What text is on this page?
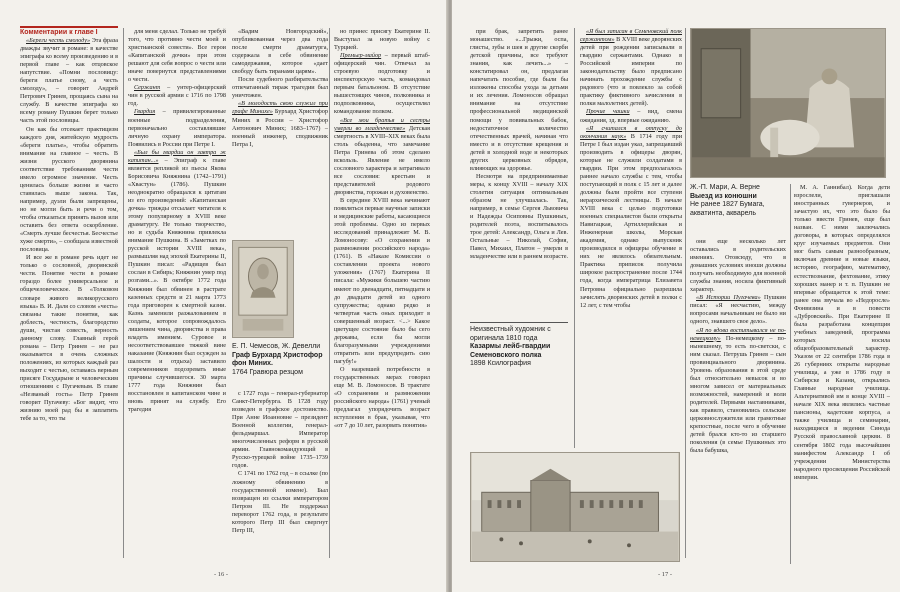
Комментарии к главе I

«Береги честь смолоду» Эта фраза дважды звучит в романе: в качестве эпиграфа ко всему произведению и в первой главе – как отцовское напутствие. «Помни пословицу: береги платье снову, а честь смолоду», – говорит Андрей Петрович Гринев, прощаясь сына на службу. В качестве эпиграфа ко всему роману Пушкин берет только часть этой пословицы.

Он как бы отсекает практицизм каждого дня, житейскую мудрость «береги платье», чтобы обратить внимание на главное – честь. В жизни русского дворянина соответствие требованиям чести имело огромное значение. Честь ценилась больше жизни и часто ставилась выше закона. Так, например, дуэли были запрещены, но не могли быть и речи о том, чтобы отказаться принять вызов или оставить без ответа оскорбление. «Смерть лучше бесчестья. Бесчестье хуже смерти», – сообщала известной пословица.

И все же в романе речь идет не только о сословной, дворянской чести. Понятие чести в романе гораздо более универсальное и общечеловеческое. В «Толковом словаре живого великорусского языка» В. И. Даля со словом «честь» связаны такие понятия, как доблесть, честность, благородство души, чистая совесть, верность данному слову. Главный герой романа – Петр Гринев – не раз оказывается в очень сложных положениях, из которых каждый раз выходит с честью, оставаясь верным присяге Государыне и человеческим отношениям с Пугачевым. В главе «Незваный гость» Петр Гринев говорит Пугачеву: «Бог видит, что жизнию моей рад бы я заплатить тебе за то, что ты

для меня сделал. Только не требуй того, что противно чести моей и христианской совести». Все герои «Капитанской дочки» при этом решают для себя вопрос о чести или иначе повернутся представлениями о чести.

Сержант – унтер-офицерский чин в русской армии с 1716 по 1798 год.

Гвардия – привилегированные военные подразделения, первоначально составлявшие личную охрану императора. Появились в России при Петре I.

«Был бы гвардии он завтра ж капитан...» – Эпиграф к главе является репликой из пьесы Якова Борисовича Княжнина (1742–1791) «Хвастун» (1786). Пушкин неоднократно обращался к цитатам из его произведений: «Капитанская дочка» трижды отсылает читателя к этому популярному в XVIII веке драматургу. Не только творчество, но и судьба Княжнина привлекла внимание Пушкина. В «Заметках по русской истории XVIII века», размышляя над эпохой Екатерины II, Пушкин писал: «Радищев был сослан в Сибирь; Княжнин умер под розгами...». В октябре 1772 года Княжнин был обвинен в растрате казенных средств и 21 марта 1773 года приговорен к смертной казни. Казнь заменили разжалованием в солдаты, которое сопровождалось лишением чина, дворянства и права владеть имением. Суровое и несоответствовавшее тяжкой вине наказание (Княжнин был осужден за шалости и отдыха) заставило современников подозревать иные причины случившегося. 30 марта 1777 года Княжнин был восстановлен в капитанском чине и вновь принят на службу. Его трагедия

«Вадим Новгородский», опубликованная через два года после смерти драматурга, содержала в себе обвинение самодержавия, которое «дает свободу быть тиранами царям».

После судебного разбирательства отпечатанный тираж трагедии был уничтожен.

«В молодость свою служил при графе Минихе» Бурхард Христофор Миних в России – Христофор Антонович Миних; 1683–1767) – военный инженер, сподвижник Петра I,

Е. П. Чемесов, Ж. Девелли
Граф Бурхард Христофор фон Миних.
1764 Гравюра резцом

с 1727 года – генерал-губернатор Санкт-Петербурга. В 1728 году возведен в графское достоинство. При Анне Иоанновне – президент Военной коллегии, генерал-фельдмаршал. Император многочисленных реформ в русской армии. Главнокомандующий в Русско-турецкой войне 1735–1739 годов.

С 1741 по 1762 год – в ссылке (по ложному обвинению в государственной измене). Был возвращен из ссылки императором Петром III. Не поддержал переворот 1762 года, в результате которого Петр III был свергнут Петр III,

но принес присягу Екатерине II. Выступал за новую войну с Турцией.

Премьер-майор – первый штаб-офицерский чин. Отвечал за строевую подготовку и инспекторскую часть, командовал первым батальоном. В отсутствие вышестоящих чинов, полковника и подполковника, осуществлял командование полком.

«Все мои братья и сестры умерли во младенчестве» Детская смертность в XVIII–XIX веках была столь обыденна, что замечание Петра Гринева об этом сделано вскользь. Явление не имело сословного характера и затрагивало все сословия: крестьян и представителей родового дворянства, горожан и духовенство.

В середине XVIII века начинают появляться первые научные записки и медицинские работы, касающиеся этой проблемы. Одно из первых исследований принадлежит М. В. Ломоносову: «О сохранении и размножении российского народа» (1761). В «Наказе Комиссии о составлении проекта нового уложения» (1767) Екатерина II писала: «Мужики большею частию имеют по двенадцати, пятнадцати и до двадцати детей из одного супружества; однако редко и четвертая часть оных приходит в совершенный возраст. <...> Какое цветущее состояние было бы сего державы, если бы могли благоразумными учреждениями отвратить или предупредить сию пагубу!»

О назревшей потребности в государственных мерах говорил еще М. В. Ломоносов. В трактате «О сохранении и размножении российского народа» (1761) ученый предлагал упорядочить возраст вступления в брак, указывая, что «от 7 до 10 лет, разорвать понятия»

- 16 -

при брак, запретить ранее монашество. «...Грыжи, оспа, глисты, зубы и шея и другие скорби детской причины, все требуют знания, как лечить...» – констатировал он, предлагая напечатать пособие, где были бы изложены способы ухода за детьми и их лечения. Ломоносов обращал внимание на отсутствие профессиональной медицинской помощи у повивальных бабок, недостаточное количество отечественных врачей, начиная что вместо и в отсутствие крещения и детей в холодной воде и некоторых других церковных обрядов, влияющих на здоровье.

Несмотря на предпринимаемые меры, к концу XVIII – началу XIX столетия ситуация оптимальным образом не улучшалась. Так, например, в семье Сергея Львовича и Надежды Осиповны Пушкиных, родителей поэта, воспитывалось трое детей: Александр, Ольга и Лев. Остальные – Николай, София, Павел, Михаил, Платон – умерли в младенчестве или в раннем возрасте.

Неизвестный художник с оригинала 1810 года
Казармы лейб-гвардии Семеновского полка
1898 Ксилография

«Я был записан в Семеновский полк сержантом» В XVIII веке дворянских детей при рождении записывали в гвардию сержантами. Однако в Российской империи по законодательству было предписано начинать прохождение службы с рядового (что и повлекло за собой практику фиктивного зачисления в полки малолетних детей).

Прочие чашки – вид, смена ожидания, зд. впервые ожиданию.

«Я считался в отпуску до окончания наук» В 1714 году при Петре I был издан указ, запрещавший производить в офицеры дворян, которые не служили солдатами в гвардии. При этом предполагалось раннее начало службы с тем, чтобы поступающий в полк с 15 лет и далее должны были пройти все ступени иерархической лестницы. В начале XVIII века с целью подготовки военных специалистов были открыты Навигацкая, Артиллерийская и Инженерная школы, Морская академия, однако выпускник производился в офицеры обучение в них не являлось обязательным. Практика приписок получила широкое распространение после 1744 года, когда императрица Елизавета Петровна официально разрешила зачислять дворянских детей в полки с 12 лет, с тем чтобы

Ж.-П. Мари, А. Верне
Выезд из конюшни
Не ранее 1827 Бумага, акватинта, акварель

они еще несколько лет оставались в родительских имениях. Отовсюду, что в домашних условиях иноши должны получать необходимую для военной службы знания, носила фиктивный характер.

«В Истории Пугачева» Пушкин писал: «Я несчастию, между вопросами начальникам не было ни одного, знавшего свое дело».

«Я по вдова воспитывался не по-немецкому» По-немецкому – по-нынешнему, то есть по-светски, с ним сказал. Петрушь Гринев – сын провинциального дворянина. Уровень образования в этой среде был относительно невысок и во многом зависел от материальных возможностей, намерений и воли родителей. Первыми наставниками, как правило, становились сельские церковнослужители или грамотные крепостные, после чего в обучение детей брался кто-то из старшего поколения (в семье Пушкиных это была бабушка,

М. А. Ганнибал). Когда дети взрослели, приглашали иностранных гувернеров, и зачастую их, что это было бы только ввести Гринев, еще был назван. С ними заключались договоры, в которых определялся круг изучаемых предметов. Они мог быть самым разнообразным, включая древние и новые языки, историю, географию, математику, естествознание, фехтование, этику хороших манер и т. п. Пушкин не впервые обращается к этой теме: ранее она звучала во «Недоросле» Фонвизина и в повести «Дубровский». При Екатерине II была разработана концепция учебных заведений, программа которых носила общеобразовательный характер. Указом от 22 сентября 1786 года в 26 губерниях открыты народные училища, а уже в 1786 году в Сибирске и Казани, открылись Главные народные училища. Альтернативой им в конце XVIII – начале XIX века являлись частные пансионы, кадетские корпуса, а также училища и семинарии, находящиеся в ведении Синода Русской православной церкви. 8 сентября 1802 года высочайшим манифестом Александр I об учреждении Министерства народного просвещения Российской империи.

- 17 -
